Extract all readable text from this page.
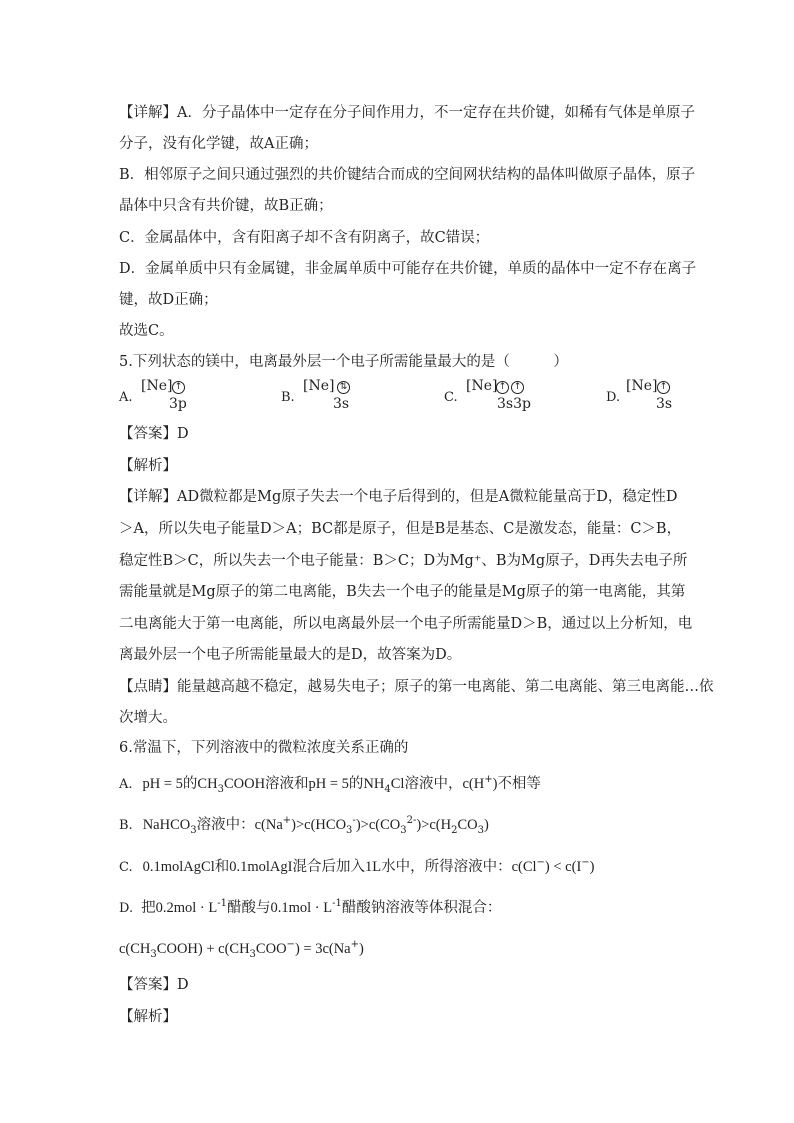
【详解】A．分子晶体中一定存在分子间作用力，不一定存在共价键，如稀有气体是单原子
分子，没有化学键，故A正确；
B．相邻原子之间只通过强烈的共价键结合而成的空间网状结构的晶体叫做原子晶体，原子
晶体中只含有共价键，故B正确；
C．金属晶体中，含有阳离子却不含有阴离子，故C错误；
D．金属单质中只有金属键，非金属单质中可能存在共价键，单质的晶体中一定不存在离子
键，故D正确；
故选C。
5.下列状态的镁中，电离最外层一个电子所需能量最大的是（　　　）
A.
[Ne] ↑
3p	B.
[Ne] ⇅
3s	C.
[Ne] ↑ ↑
3s3p	D.
[Ne] ↑
3s
【答案】D
【解析】
【详解】AD微粒都是Mg原子失去一个电子后得到的，但是A微粒能量高于D，稳定性D
＞A，所以失电子能量D＞A；BC都是原子，但是B是基态、C是激发态，能量：C＞B，
稳定性B＞C，所以失去一个电子能量：B＞C；D为Mg⁺、B为Mg原子，D再失去电子所
需能量就是Mg原子的第二电离能，B失去一个电子的能量是Mg原子的第一电离能，其第
二电离能大于第一电离能，所以电离最外层一个电子所需能量D＞B，通过以上分析知，电
离最外层一个电子所需能量最大的是D，故答案为D。
【点睛】能量越高越不稳定，越易失电子；原子的第一电离能、第二电离能、第三电离能…依
次增大。
6.常温下，下列溶液中的微粒浓度关系正确的
A. pH = 5的$CH_3COOH$溶液和pH = 5的$NH_4Cl$溶液中，c(H+)不相等
B. NaHCO$_3$溶液中：$c(Na^+)>c(HCO_3^-)>c(CO_3^{2-})>c(H_2CO_3)$
C. 0.1molAgCl和0.1molAgI混合后加入1L水中，所得溶液中：c(Cl−) < c(I−)
D. 把$0.2mol \cdot L^{-1}$醋酸与$0.1mol \cdot L^{-1}$醋酸钠溶液等体积混合：
$c(CH_3COOH) + c(CH_3COO^-) = 3c(Na^+)$
【答案】D
【解析】
